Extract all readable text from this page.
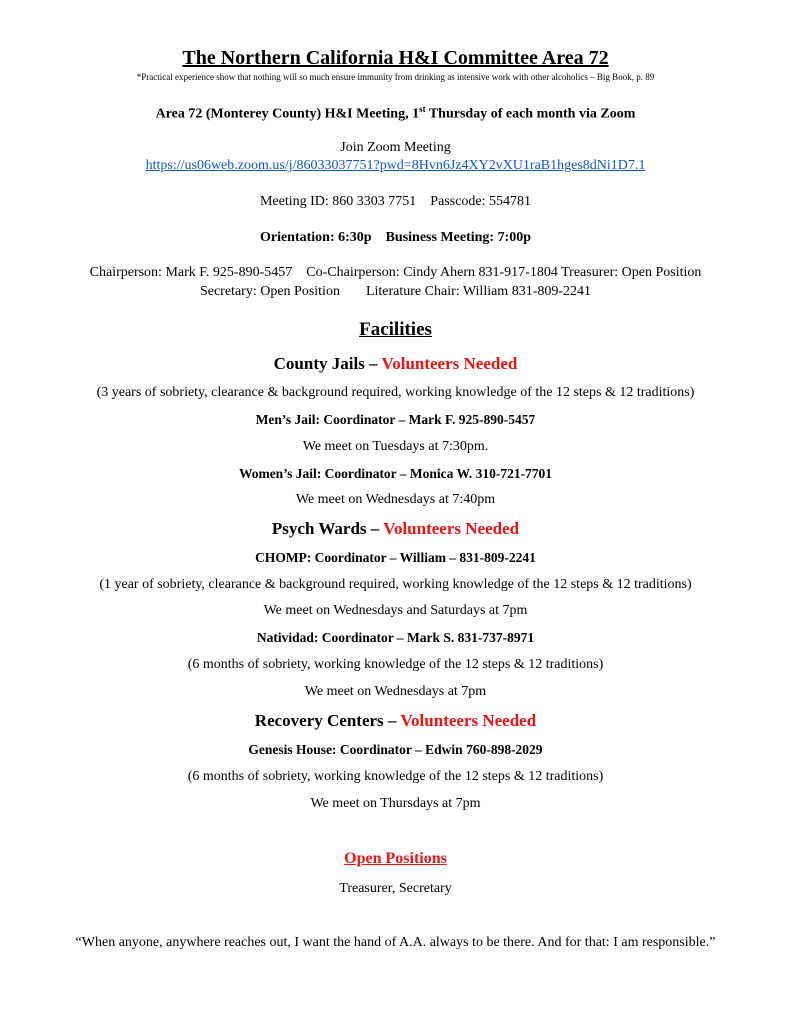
The Northern California H&I Committee Area 72
*Practical experience show that nothing will so much ensure immunity from drinking as intensive work with other alcoholics – Big Book, p. 89
Area 72 (Monterey County) H&I Meeting, 1st Thursday of each month via Zoom
Join Zoom Meeting
https://us06web.zoom.us/j/86033037751?pwd=8Hvn6Jz4XY2vXU1raB1hges8dNi1D7.1
Meeting ID: 860 3303 7751 Passcode: 554781
Orientation: 6:30p Business Meeting: 7:00p
Chairperson: Mark F. 925-890-5457 Co-Chairperson: Cindy Ahern 831-917-1804 Treasurer: Open Position
Secretary: Open Position Literature Chair: William 831-809-2241
Facilities
County Jails – Volunteers Needed
(3 years of sobriety, clearance & background required, working knowledge of the 12 steps & 12 traditions)
Men’s Jail: Coordinator – Mark F. 925-890-5457
We meet on Tuesdays at 7:30pm.
Women’s Jail: Coordinator – Monica W. 310-721-7701
We meet on Wednesdays at 7:40pm
Psych Wards – Volunteers Needed
CHOMP: Coordinator – William – 831-809-2241
(1 year of sobriety, clearance & background required, working knowledge of the 12 steps & 12 traditions)
We meet on Wednesdays and Saturdays at 7pm
Natividad: Coordinator – Mark S. 831-737-8971
(6 months of sobriety, working knowledge of the 12 steps & 12 traditions)
We meet on Wednesdays at 7pm
Recovery Centers – Volunteers Needed
Genesis House: Coordinator – Edwin 760-898-2029
(6 months of sobriety, working knowledge of the 12 steps & 12 traditions)
We meet on Thursdays at 7pm
Open Positions
Treasurer, Secretary
“When anyone, anywhere reaches out, I want the hand of A.A. always to be there. And for that: I am responsible.”
